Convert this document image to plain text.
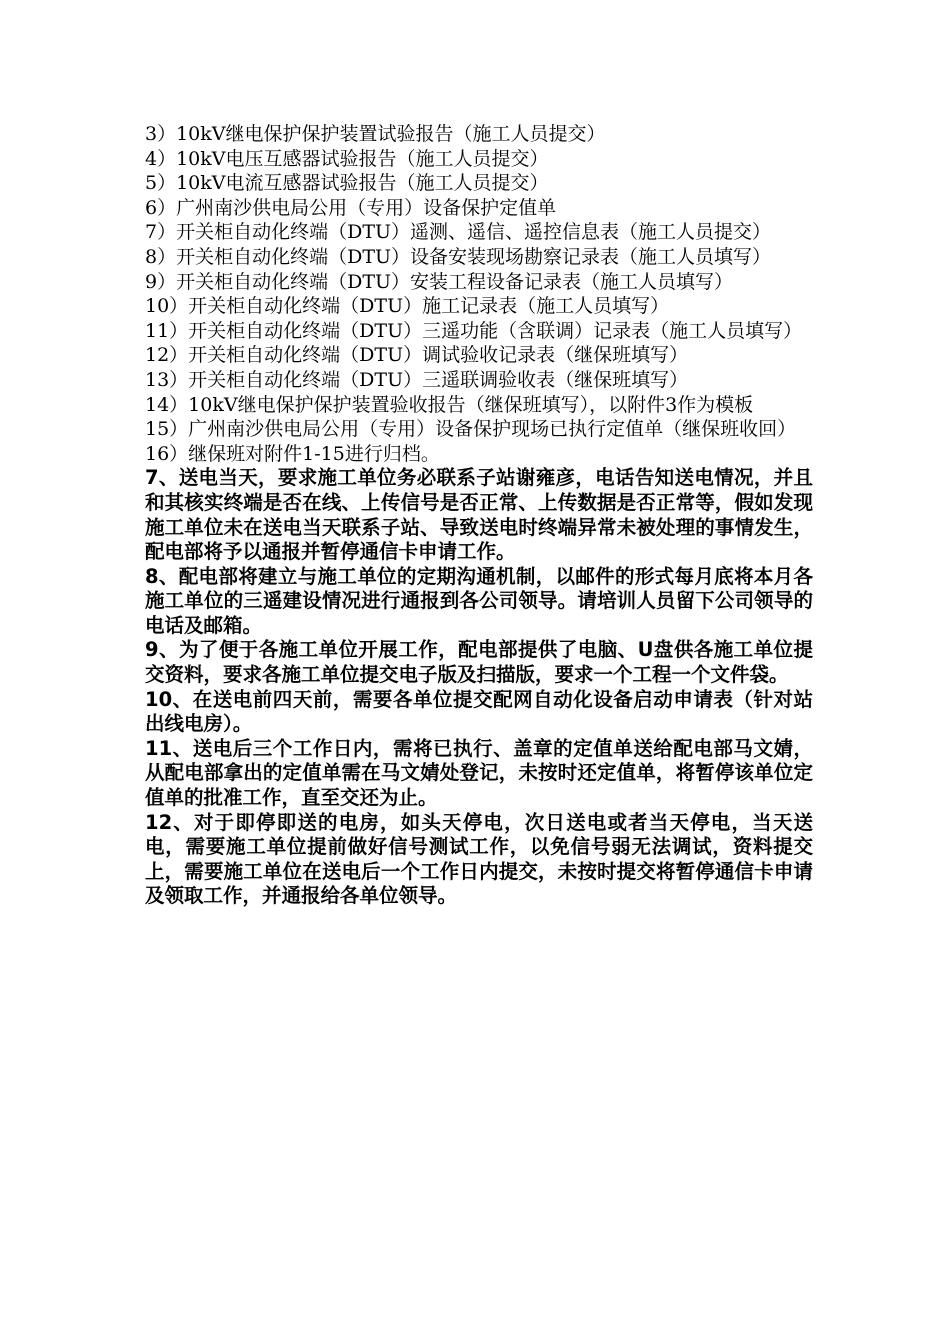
3）10kV继电保护保护装置试验报告（施工人员提交）

4）10kV电压互感器试验报告（施工人员提交）

5）10kV电流互感器试验报告（施工人员提交）

6）广州南沙供电局公用（专用）设备保护定值单

7）开关柜自动化终端（DTU）遥测、遥信、遥控信息表（施工人员提交）

8）开关柜自动化终端（DTU）设备安装现场勘察记录表（施工人员填写）

9）开关柜自动化终端（DTU）安装工程设备记录表（施工人员填写）

10）开关柜自动化终端（DTU）施工记录表（施工人员填写）

11）开关柜自动化终端（DTU）三遥功能（含联调）记录表（施工人员填写）

12）开关柜自动化终端（DTU）调试验收记录表（继保班填写）

13）开关柜自动化终端（DTU）三遥联调验收表（继保班填写）

14）10kV继电保护保护装置验收报告（继保班填写），以附件3作为模板

15）广州南沙供电局公用（专用）设备保护现场已执行定值单（继保班收回）

16）继保班对附件1-15进行归档。

7、送电当天，要求施工单位务必联系子站谢雍彦，电话告知送电情况，并且和其核实终端是否在线、上传信号是否正常、上传数据是否正常等，假如发现施工单位未在送电当天联系子站、导致送电时终端异常未被处理的事情发生，配电部将予以通报并暂停通信卡申请工作。

8、配电部将建立与施工单位的定期沟通机制，以邮件的形式每月底将本月各施工单位的三遥建设情况进行通报到各公司领导。请培训人员留下公司领导的电话及邮箱。

9、为了便于各施工单位开展工作，配电部提供了电脑、U盘供各施工单位提交资料，要求各施工单位提交电子版及扫描版，要求一个工程一个文件袋。

10、在送电前四天前，需要各单位提交配网自动化设备启动申请表（针对站出线电房）。

11、送电后三个工作日内，需将已执行、盖章的定值单送给配电部马文婧，从配电部拿出的定值单需在马文婧处登记，未按时还定值单，将暂停该单位定值单的批准工作，直至交还为止。

12、对于即停即送的电房，如头天停电，次日送电或者当天停电，当天送电，需要施工单位提前做好信号测试工作，以免信号弱无法调试，资料提交上，需要施工单位在送电后一个工作日内提交，未按时提交将暂停通信卡申请及领取工作，并通报给各单位领导。
